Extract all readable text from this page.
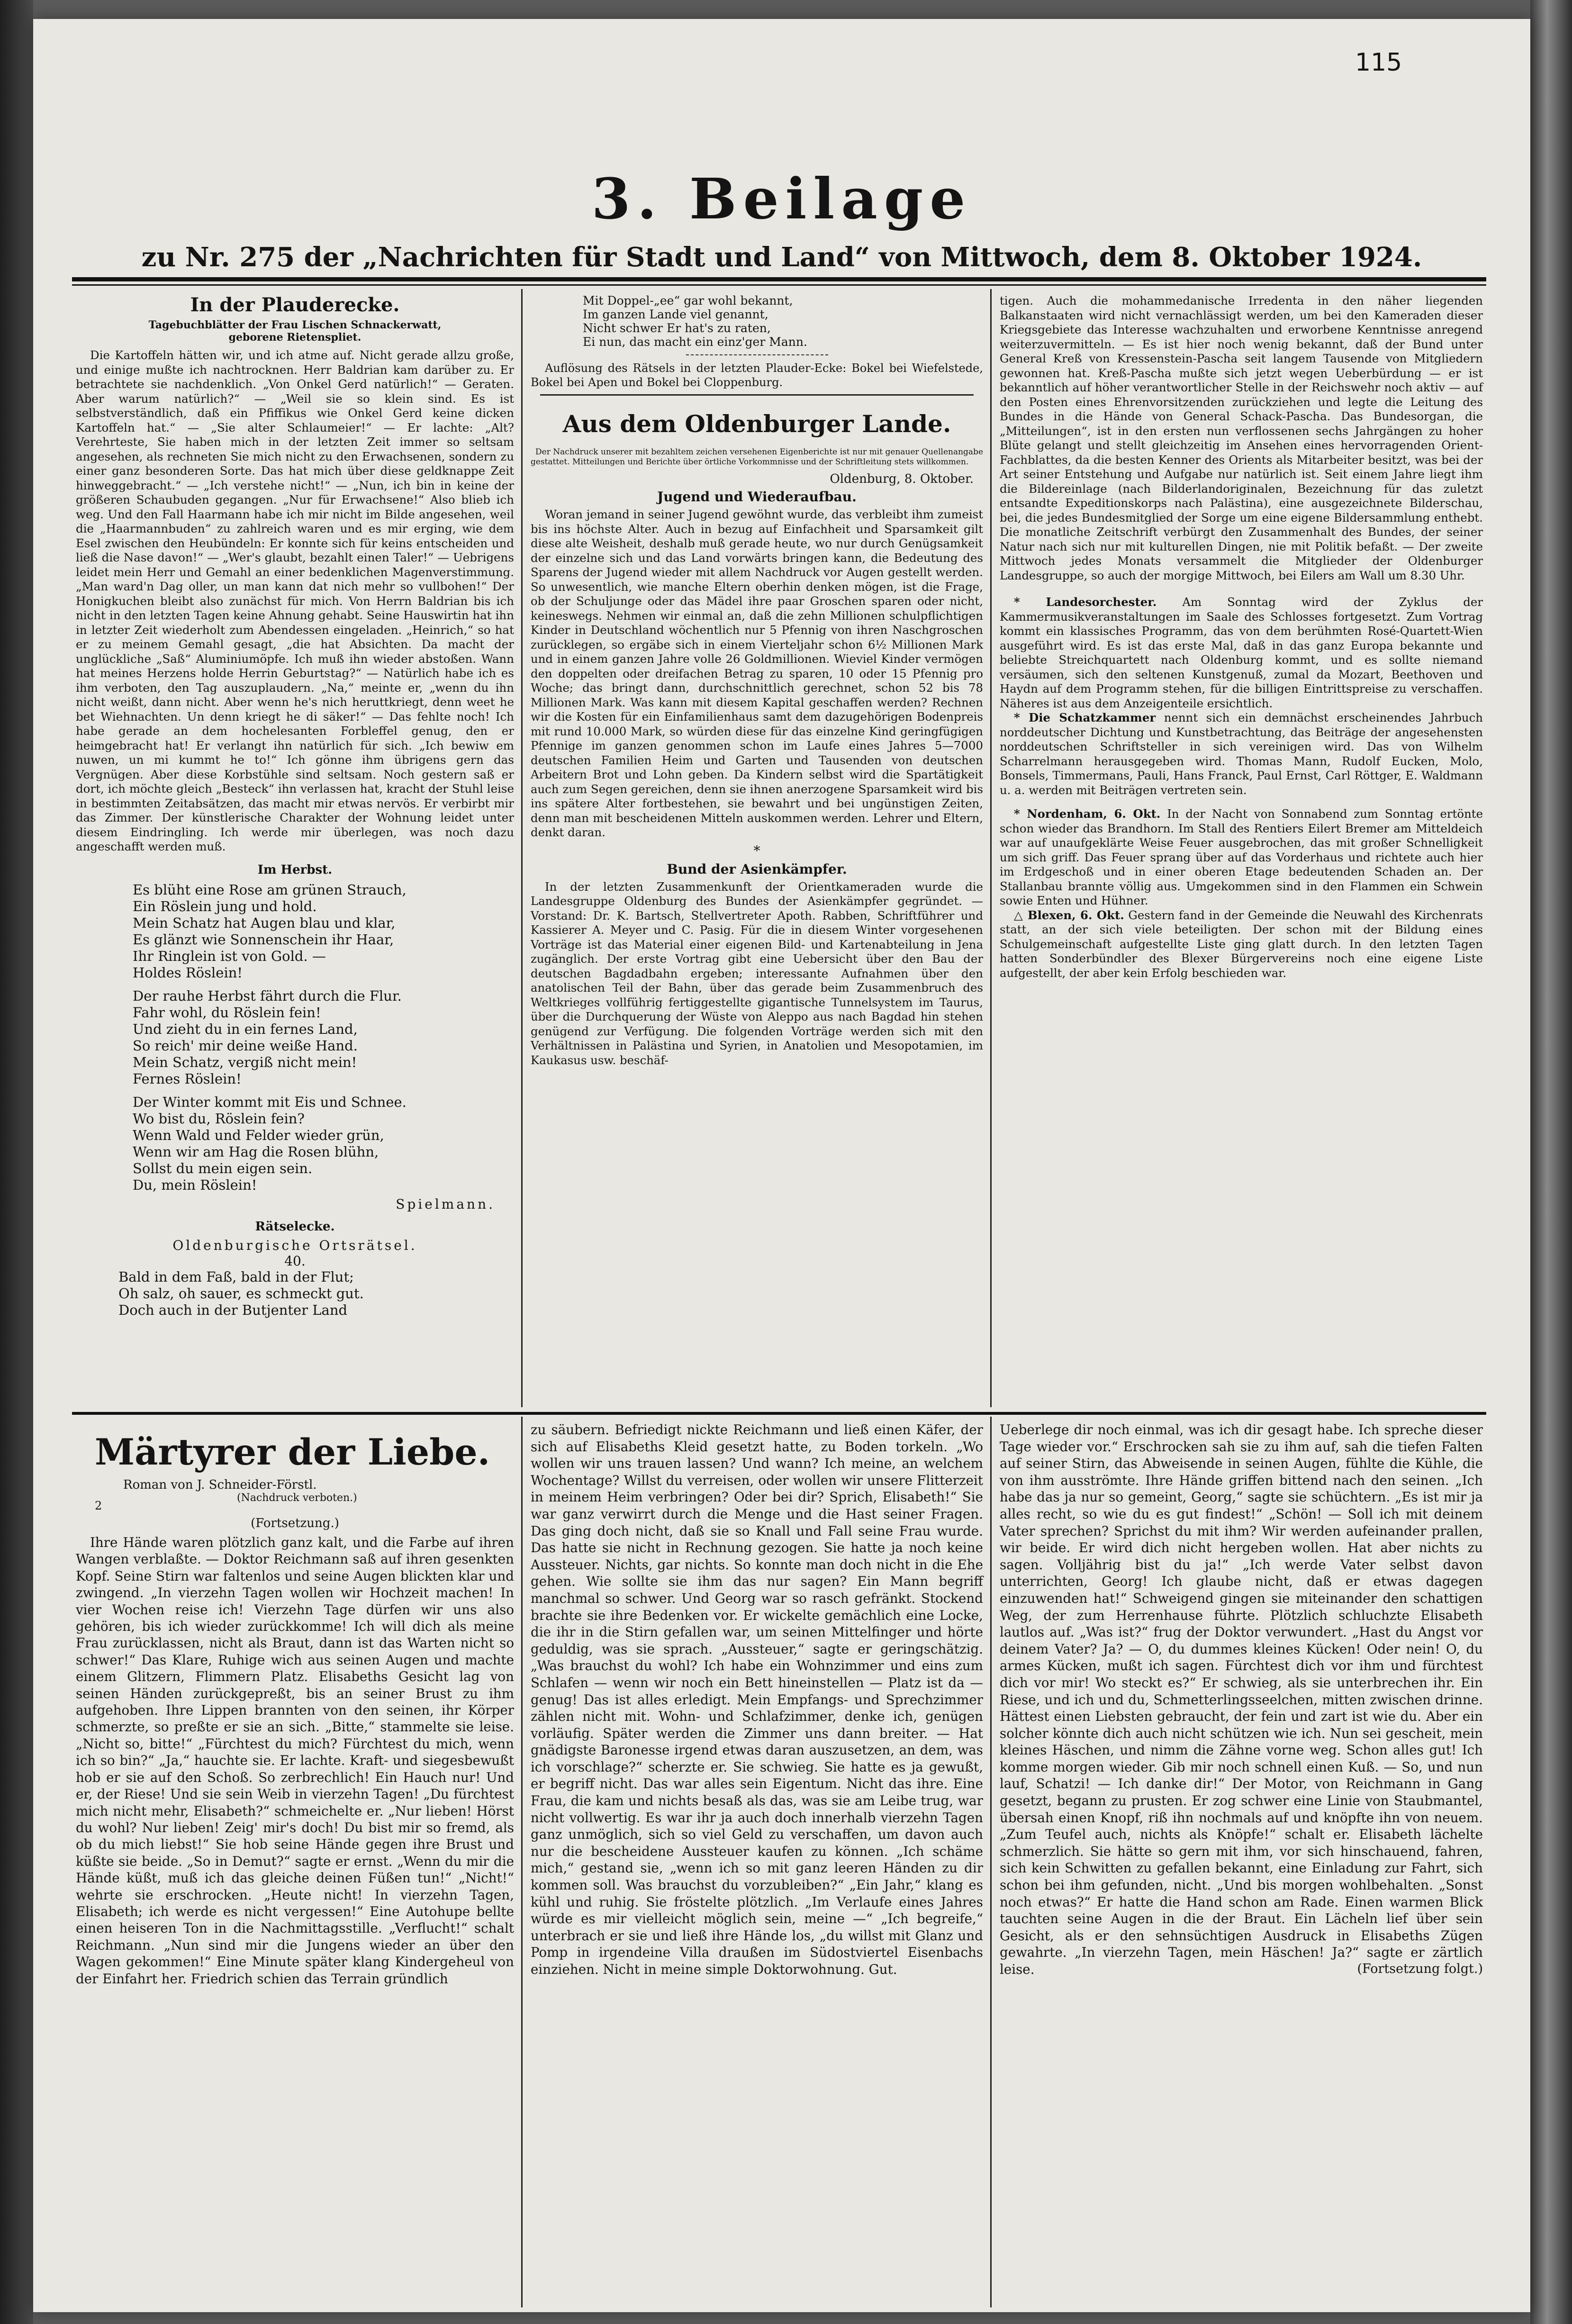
115
3. Beilage
zu Nr. 275 der „Nachrichten für Stadt und Land“ von Mittwoch, dem 8. Oktober 1924.
In der Plauderecke.
Tagebuchblätter der Frau Lischen Schnackerwatt,
geborene Rietenspliet.

Die Kartoffeln hätten wir, und ich atme auf. Nicht gerade allzu große, und einige mußte ich nachtrocknen. Herr Baldrian kam darüber zu. Er betrachtete sie nachdenklich. „Von Onkel Gerd natürlich!“ — Geraten. Aber warum natürlich?“ — „Weil sie so klein sind. Es ist selbstverständlich, daß ein Pfiffikus wie Onkel Gerd keine dicken Kartoffeln hat.“ — „Sie alter Schlaumeier!“ — Er lachte: „Alt? Verehrteste, Sie haben mich in der letzten Zeit immer so seltsam angesehen, als rechneten Sie mich nicht zu den Erwachsenen, sondern zu einer ganz besonderen Sorte. Das hat mich über diese geldknappe Zeit hinweggebracht.“ — „Ich verstehe nicht!“ — „Nun, ich bin in keine der größeren Schaubuden gegangen. „Nur für Erwachsene!“ Also blieb ich weg. Und den Fall Haarmann habe ich mir nicht im Bilde angesehen, weil die „Haarmannbuden“ zu zahlreich waren und es mir erging, wie dem Esel zwischen den Heubündeln: Er konnte sich für keins entscheiden und ließ die Nase davon!“ — „Wer's glaubt, bezahlt einen Taler!“ — Uebrigens leidet mein Herr und Gemahl an einer bedenklichen Magenverstimmung. „Man ward'n Dag oller, un man kann dat nich mehr so vullbohen!“ Der Honigkuchen bleibt also zunächst für mich. Von Herrn Baldrian bis ich nicht in den letzten Tagen keine Ahnung gehabt. Seine Hauswirtin hat ihn in letzter Zeit wiederholt zum Abendessen eingeladen. „Heinrich,“ so hat er zu meinem Gemahl gesagt, „die hat Absichten. Da macht der unglückliche „Saß“ Aluminiumöpfe. Ich muß ihn wieder abstoßen. Wann hat meines Herzens holde Herrin Geburtstag?“ — Natürlich habe ich es ihm verboten, den Tag auszuplaudern. „Na,“ meinte er, „wenn du ihn nicht weißt, dann nicht. Aber wenn he's nich heruttkriegt, denn weet he bet Wiehnachten. Un denn kriegt he di säker!“ — Das fehlte noch! Ich habe gerade an dem hochelesanten Forbleffel genug, den er heimgebracht hat! Er verlangt ihn natürlich für sich. „Ich bewiw em nuwen, un mi kummt he to!“ Ich gönne ihm übrigens gern das Vergnügen. Aber diese Korbstühle sind seltsam. Noch gestern saß er dort, ich möchte gleich „Besteck“ ihn verlassen hat, kracht der Stuhl leise in bestimmten Zeitabsätzen, das macht mir etwas nervös. Er verbirbt mir das Zimmer. Der künstlerische Charakter der Wohnung leidet unter diesem Eindringling. Ich werde mir überlegen, was noch dazu angeschafft werden muß.

Im Herbst.

Es blüht eine Rose am grünen Strauch,

Ein Röslein jung und hold.

Mein Schatz hat Augen blau und klar,

Es glänzt wie Sonnenschein ihr Haar,

Ihr Ringlein ist von Gold. —

Holdes Röslein!

Der rauhe Herbst fährt durch die Flur.

Fahr wohl, du Röslein fein!

Und zieht du in ein fernes Land,

So reich' mir deine weiße Hand.

Mein Schatz, vergiß nicht mein!

Fernes Röslein!

Der Winter kommt mit Eis und Schnee.

Wo bist du, Röslein fein?

Wenn Wald und Felder wieder grün,

Wenn wir am Hag die Rosen blühn,

Sollst du mein eigen sein.

Du, mein Röslein!

Spielmann.
Rätselecke.
Oldenburgische Ortsrätsel.
40.

Bald in dem Faß, bald in der Flut;

Oh salz, oh sauer, es schmeckt gut.

Doch auch in der Butjenter Land

Mit Doppel-„ee“ gar wohl bekannt,

Im ganzen Lande viel genannt,

Nicht schwer Er hat's zu raten,

Ei nun, das macht ein einz'ger Mann.

Auflösung des Rätsels in der letzten Plauder-Ecke: Bokel bei Wiefelstede, Bokel bei Apen und Bokel bei Cloppenburg.

Aus dem Oldenburger Lande.

Der Nachdruck unserer mit bezahltem zeichen versehenen Eigenberichte ist nur mit genauer Quellenangabe gestattet. Mitteilungen und Berichte über örtliche Vorkommnisse und der Schriftleitung stets willkommen.

Oldenburg, 8. Oktober.
Jugend und Wiederaufbau.

Woran jemand in seiner Jugend gewöhnt wurde, das verbleibt ihm zumeist bis ins höchste Alter. Auch in bezug auf Einfachheit und Sparsamkeit gilt diese alte Weisheit, deshalb muß gerade heute, wo nur durch Genügsamkeit der einzelne sich und das Land vorwärts bringen kann, die Bedeutung des Sparens der Jugend wieder mit allem Nachdruck vor Augen gestellt werden. So unwesentlich, wie manche Eltern oberhin denken mögen, ist die Frage, ob der Schuljunge oder das Mädel ihre paar Groschen sparen oder nicht, keineswegs. Nehmen wir einmal an, daß die zehn Millionen schulpflichtigen Kinder in Deutschland wöchentlich nur 5 Pfennig von ihren Naschgroschen zurücklegen, so ergäbe sich in einem Vierteljahr schon 6½ Millionen Mark und in einem ganzen Jahre volle 26 Goldmillionen. Wieviel Kinder vermögen den doppelten oder dreifachen Betrag zu sparen, 10 oder 15 Pfennig pro Woche; das bringt dann, durchschnittlich gerechnet, schon 52 bis 78 Millionen Mark. Was kann mit diesem Kapital geschaffen werden? Rechnen wir die Kosten für ein Einfamilienhaus samt dem dazugehörigen Bodenpreis mit rund 10.000 Mark, so würden diese für das einzelne Kind geringfügigen Pfennige im ganzen genommen schon im Laufe eines Jahres 5—7000 deutschen Familien Heim und Garten und Tausenden von deutschen Arbeitern Brot und Lohn geben. Da Kindern selbst wird die Spartätigkeit auch zum Segen gereichen, denn sie ihnen anerzogene Sparsamkeit wird bis ins spätere Alter fortbestehen, sie bewahrt und bei ungünstigen Zeiten, denn man mit bescheidenen Mitteln auskommen werden. Lehrer und Eltern, denkt daran.

*
Bund der Asienkämpfer.

In der letzten Zusammenkunft der Orientkameraden wurde die Landesgruppe Oldenburg des Bundes der Asienkämpfer gegründet. — Vorstand: Dr. K. Bartsch, Stellvertreter Apoth. Rabben, Schriftführer und Kassierer A. Meyer und C. Pasig. Für die in diesem Winter vorgesehenen Vorträge ist das Material einer eigenen Bild- und Kartenabteilung in Jena zugänglich. Der erste Vortrag gibt eine Uebersicht über den Bau der deutschen Bagdadbahn ergeben; interessante Aufnahmen über den anatolischen Teil der Bahn, über das gerade beim Zusammenbruch des Weltkrieges vollführig fertiggestellte gigantische Tunnelsystem im Taurus, über die Durchquerung der Wüste von Aleppo aus nach Bagdad hin stehen genügend zur Verfügung. Die folgenden Vorträge werden sich mit den Verhältnissen in Palästina und Syrien, in Anatolien und Mesopotamien, im Kaukasus usw. beschäf-

tigen. Auch die mohammedanische Irredenta in den näher liegenden Balkanstaaten wird nicht vernachlässigt werden, um bei den Kameraden dieser Kriegsgebiete das Interesse wachzuhalten und erworbene Kenntnisse anregend weiterzuvermitteln. — Es ist hier noch wenig bekannt, daß der Bund unter General Kreß von Kressenstein-Pascha seit langem Tausende von Mitgliedern gewonnen hat. Kreß-Pascha mußte sich jetzt wegen Ueberbürdung — er ist bekanntlich auf höher verantwortlicher Stelle in der Reichswehr noch aktiv — auf den Posten eines Ehrenvorsitzenden zurückziehen und legte die Leitung des Bundes in die Hände von General Schack-Pascha. Das Bundesorgan, die „Mitteilungen“, ist in den ersten nun verflossenen sechs Jahrgängen zu hoher Blüte gelangt und stellt gleichzeitig im Ansehen eines hervorragenden Orient-Fachblattes, da die besten Kenner des Orients als Mitarbeiter besitzt, was bei der Art seiner Entstehung und Aufgabe nur natürlich ist. Seit einem Jahre liegt ihm die Bildereinlage (nach Bilderlandoriginalen, Bezeichnung für das zuletzt entsandte Expeditionskorps nach Palästina), eine ausgezeichnete Bilderschau, bei, die jedes Bundesmitglied der Sorge um eine eigene Bildersammlung enthebt. Die monatliche Zeitschrift verbürgt den Zusammenhalt des Bundes, der seiner Natur nach sich nur mit kulturellen Dingen, nie mit Politik befaßt. — Der zweite Mittwoch jedes Monats versammelt die Mitglieder der Oldenburger Landesgruppe, so auch der morgige Mittwoch, bei Eilers am Wall um 8.30 Uhr.

* Landesorchester. Am Sonntag wird der Zyklus der Kammermusikveranstaltungen im Saale des Schlosses fortgesetzt. Zum Vortrag kommt ein klassisches Programm, das von dem berühmten Rosé-Quartett-Wien ausgeführt wird. Es ist das erste Mal, daß in das ganz Europa bekannte und beliebte Streichquartett nach Oldenburg kommt, und es sollte niemand versäumen, sich den seltenen Kunstgenuß, zumal da Mozart, Beethoven und Haydn auf dem Programm stehen, für die billigen Eintrittspreise zu verschaffen. Näheres ist aus dem Anzeigenteile ersichtlich.

* Die Schatzkammer nennt sich ein demnächst erscheinendes Jahrbuch norddeutscher Dichtung und Kunstbetrachtung, das Beiträge der angesehensten norddeutschen Schriftsteller in sich vereinigen wird. Das von Wilhelm Scharrelmann herausgegeben wird. Thomas Mann, Rudolf Eucken, Molo, Bonsels, Timmermans, Pauli, Hans Franck, Paul Ernst, Carl Röttger, E. Waldmann u. a. werden mit Beiträgen vertreten sein.

* Nordenham, 6. Okt. In der Nacht von Sonnabend zum Sonntag ertönte schon wieder das Brandhorn. Im Stall des Rentiers Eilert Bremer am Mitteldeich war auf unaufgeklärte Weise Feuer ausgebrochen, das mit großer Schnelligkeit um sich griff. Das Feuer sprang über auf das Vorderhaus und richtete auch hier im Erdgeschoß und in einer oberen Etage bedeutenden Schaden an. Der Stallanbau brannte völlig aus. Umgekommen sind in den Flammen ein Schwein sowie Enten und Hühner.

△ Blexen, 6. Okt. Gestern fand in der Gemeinde die Neuwahl des Kirchenrats statt, an der sich viele beteiligten. Der schon mit der Bildung eines Schulgemeinschaft aufgestellte Liste ging glatt durch. In den letzten Tagen hatten Sonderbündler des Blexer Bürgervereins noch eine eigene Liste aufgestellt, der aber kein Erfolg beschieden war.

Märtyrer der Liebe.
Roman von J. Schneider-Förstl.
(Nachdruck verboten.)
2
(Fortsetzung.)

Ihre Hände waren plötzlich ganz kalt, und die Farbe auf ihren Wangen verblaßte. — Doktor Reichmann saß auf ihren gesenkten Kopf. Seine Stirn war faltenlos und seine Augen blickten klar und zwingend. „In vierzehn Tagen wollen wir Hochzeit machen! In vier Wochen reise ich! Vierzehn Tage dürfen wir uns also gehören, bis ich wieder zurückkomme! Ich will dich als meine Frau zurücklassen, nicht als Braut, dann ist das Warten nicht so schwer!“ Das Klare, Ruhige wich aus seinen Augen und machte einem Glitzern, Flimmern Platz. Elisabeths Gesicht lag von seinen Händen zurückgepreßt, bis an seiner Brust zu ihm aufgehoben. Ihre Lippen brannten von den seinen, ihr Körper schmerzte, so preßte er sie an sich. „Bitte,“ stammelte sie leise. „Nicht so, bitte!“ „Fürchtest du mich? Fürchtest du mich, wenn ich so bin?“ „Ja,“ hauchte sie. Er lachte. Kraft- und siegesbewußt hob er sie auf den Schoß. So zerbrechlich! Ein Hauch nur! Und er, der Riese! Und sie sein Weib in vierzehn Tagen! „Du fürchtest mich nicht mehr, Elisabeth?“ schmeichelte er. „Nur lieben! Hörst du wohl? Nur lieben! Zeig' mir's doch! Du bist mir so fremd, als ob du mich liebst!“ Sie hob seine Hände gegen ihre Brust und küßte sie beide. „So in Demut?“ sagte er ernst. „Wenn du mir die Hände küßt, muß ich das gleiche deinen Füßen tun!“ „Nicht!“ wehrte sie erschrocken. „Heute nicht! In vierzehn Tagen, Elisabeth; ich werde es nicht vergessen!“ Eine Autohupe bellte einen heiseren Ton in die Nachmittagsstille. „Verflucht!“ schalt Reichmann. „Nun sind mir die Jungens wieder an über den Wagen gekommen!“ Eine Minute später klang Kindergeheul von der Einfahrt her. Friedrich schien das Terrain gründlich

zu säubern. Befriedigt nickte Reichmann und ließ einen Käfer, der sich auf Elisabeths Kleid gesetzt hatte, zu Boden torkeln. „Wo wollen wir uns trauen lassen? Und wann? Ich meine, an welchem Wochentage? Willst du verreisen, oder wollen wir unsere Flitterzeit in meinem Heim verbringen? Oder bei dir? Sprich, Elisabeth!“ Sie war ganz verwirrt durch die Menge und die Hast seiner Fragen. Das ging doch nicht, daß sie so Knall und Fall seine Frau wurde. Das hatte sie nicht in Rechnung gezogen. Sie hatte ja noch keine Aussteuer. Nichts, gar nichts. So konnte man doch nicht in die Ehe gehen. Wie sollte sie ihm das nur sagen? Ein Mann begriff manchmal so schwer. Und Georg war so rasch gefränkt. Stockend brachte sie ihre Bedenken vor. Er wickelte gemächlich eine Locke, die ihr in die Stirn gefallen war, um seinen Mittelfinger und hörte geduldig, was sie sprach. „Aussteuer,“ sagte er geringschätzig. „Was brauchst du wohl? Ich habe ein Wohnzimmer und eins zum Schlafen — wenn wir noch ein Bett hineinstellen — Platz ist da — genug! Das ist alles erledigt. Mein Empfangs- und Sprechzimmer zählen nicht mit. Wohn- und Schlafzimmer, denke ich, genügen vorläufig. Später werden die Zimmer uns dann breiter. — Hat gnädigste Baronesse irgend etwas daran auszusetzen, an dem, was ich vorschlage?“ scherzte er. Sie schwieg. Sie hatte es ja gewußt, er begriff nicht. Das war alles sein Eigentum. Nicht das ihre. Eine Frau, die kam und nichts besaß als das, was sie am Leibe trug, war nicht vollwertig. Es war ihr ja auch doch innerhalb vierzehn Tagen ganz unmöglich, sich so viel Geld zu verschaffen, um davon auch nur die bescheidene Aussteuer kaufen zu können. „Ich schäme mich,“ gestand sie, „wenn ich so mit ganz leeren Händen zu dir kommen soll. Was brauchst du vorzubleiben?“ „Ein Jahr,“ klang es kühl und ruhig. Sie fröstelte plötzlich. „Im Verlaufe eines Jahres würde es mir vielleicht möglich sein, meine —“ „Ich begreife,“ unterbrach er sie und ließ ihre Hände los, „du willst mit Glanz und Pomp in irgendeine Villa draußen im Südostviertel Eisenbachs einziehen. Nicht in meine simple Doktorwohnung. Gut.

Ueberlege dir noch einmal, was ich dir gesagt habe. Ich spreche dieser Tage wieder vor.“ Erschrocken sah sie zu ihm auf, sah die tiefen Falten auf seiner Stirn, das Abweisende in seinen Augen, fühlte die Kühle, die von ihm ausströmte. Ihre Hände griffen bittend nach den seinen. „Ich habe das ja nur so gemeint, Georg,“ sagte sie schüchtern. „Es ist mir ja alles recht, so wie du es gut findest!“ „Schön! — Soll ich mit deinem Vater sprechen? Sprichst du mit ihm? Wir werden aufeinander prallen, wir beide. Er wird dich nicht hergeben wollen. Hat aber nichts zu sagen. Volljährig bist du ja!“ „Ich werde Vater selbst davon unterrichten, Georg! Ich glaube nicht, daß er etwas dagegen einzuwenden hat!“ Schweigend gingen sie miteinander den schattigen Weg, der zum Herrenhause führte. Plötzlich schluchzte Elisabeth lautlos auf. „Was ist?“ frug der Doktor verwundert. „Hast du Angst vor deinem Vater? Ja? — O, du dummes kleines Kücken! Oder nein! O, du armes Kücken, mußt ich sagen. Fürchtest dich vor ihm und fürchtest dich vor mir! Wo steckt es?“ Er schwieg, als sie unterbrechen ihr. Ein Riese, und ich und du, Schmetterlingsseelchen, mitten zwischen drinne. Hättest einen Liebsten gebraucht, der fein und zart ist wie du. Aber ein solcher könnte dich auch nicht schützen wie ich. Nun sei gescheit, mein kleines Häschen, und nimm die Zähne vorne weg. Schon alles gut! Ich komme morgen wieder. Gib mir noch schnell einen Kuß. — So, und nun lauf, Schatzi! — Ich danke dir!“ Der Motor, von Reichmann in Gang gesetzt, begann zu prusten. Er zog schwer eine Linie von Staubmantel, übersah einen Knopf, riß ihn nochmals auf und knöpfte ihn von neuem. „Zum Teufel auch, nichts als Knöpfe!“ schalt er. Elisabeth lächelte schmerzlich. Sie hätte so gern mit ihm, vor sich hinschauend, fahren, sich kein Schwitten zu gefallen bekannt, eine Einladung zur Fahrt, sich schon bei ihm gefunden, nicht. „Und bis morgen wohlbehalten. „Sonst noch etwas?“ Er hatte die Hand schon am Rade. Einen warmen Blick tauchten seine Augen in die der Braut. Ein Lächeln lief über sein Gesicht, als er den sehnsüchtigen Ausdruck in Elisabeths Zügen gewahrte. „In vierzehn Tagen, mein Häschen! Ja?“ sagte er zärtlich leise.	(Fortsetzung folgt.)
